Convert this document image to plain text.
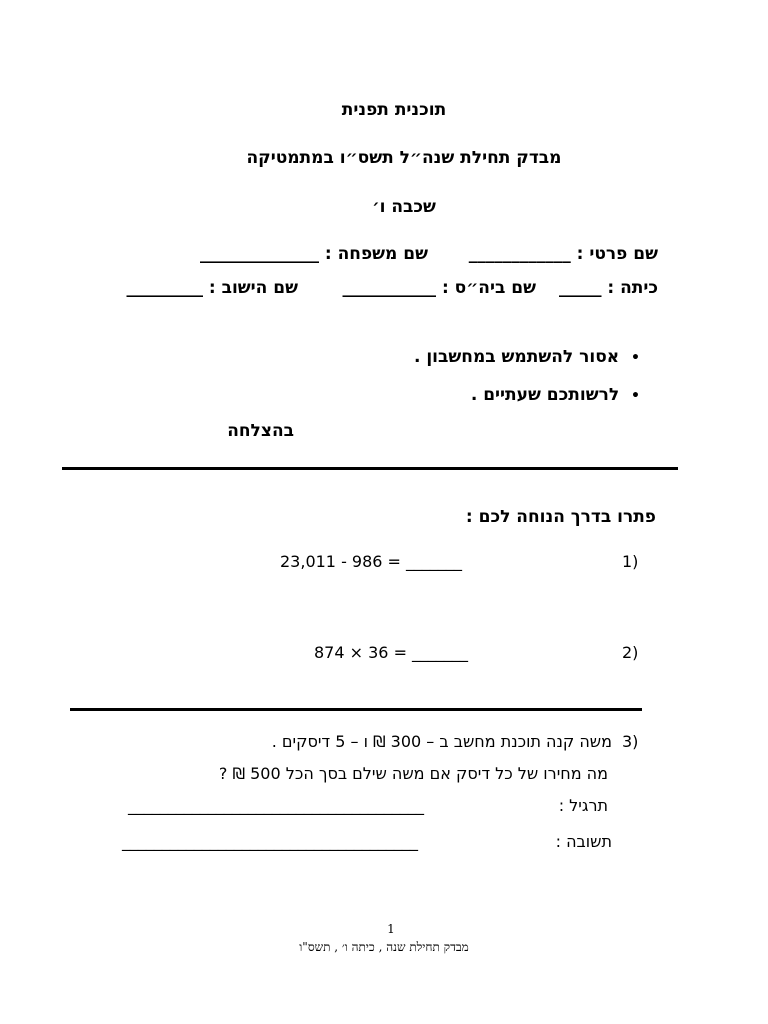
תוכנית תפנית
מבדק תחילת שנה״ל תשס״ו במתמטיקה
שכבה ו׳
שם פרטי : ____________
שם משפחה : ______________
כיתה : _____
שם ביה״ס : ___________
שם הישוב : _________
• אסור להשתמש במחשבון .
• לרשותכם שעתיים .
בהצלחה
פתרו בדרך הנוחה לכם :
1)
23,011 - 986 = _______
2)
874 × 36 = _______
3)
משה קנה תוכנת מחשב ב – 300 ₪ ו – 5 דיסקים .
מה מחירו של כל דיסק אם משה שילם בסך הכל 500 ₪ ?
תרגיל :
_____________________________________
תשובה :
_____________________________________
1
מבדק תחילת שנה , כיתה ו׳ , תשס"ו
